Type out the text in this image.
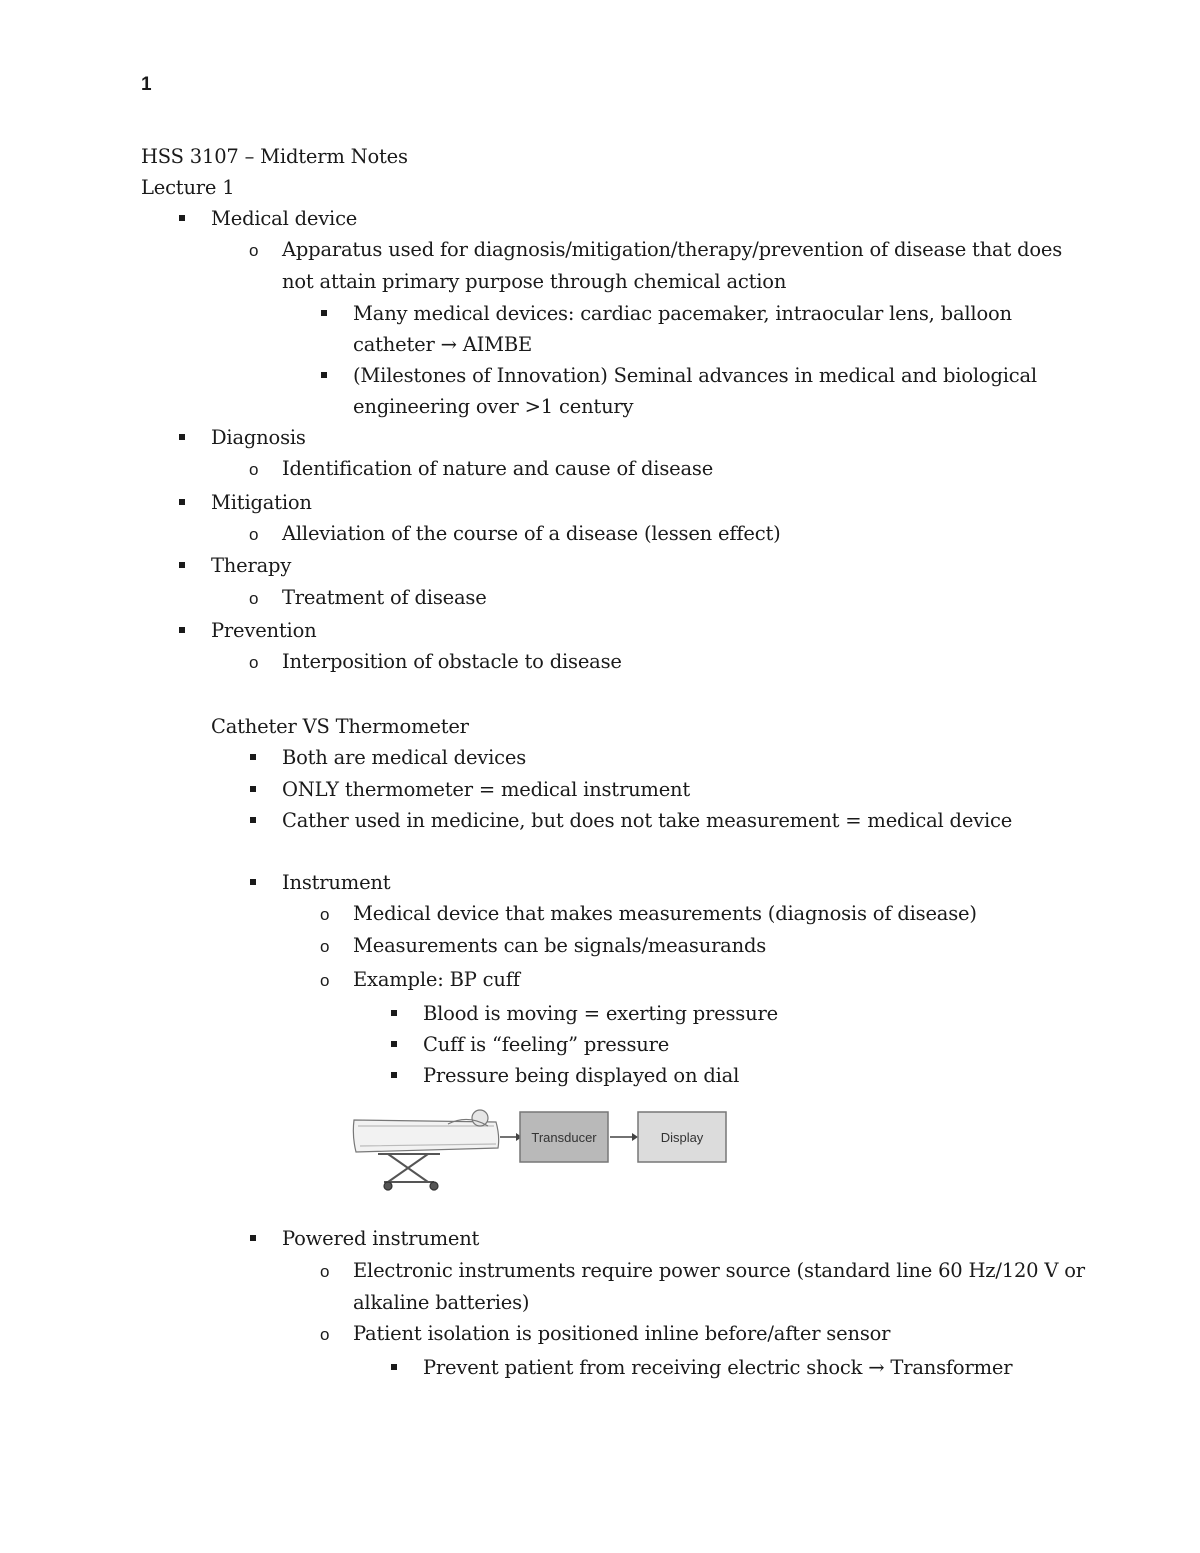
1
HSS 3107 – Midterm Notes
Lecture 1
Medical device
Apparatus used for diagnosis/mitigation/therapy/prevention of disease that does
o
not attain primary purpose through chemical action
Many medical devices: cardiac pacemaker, intraocular lens, balloon
catheter → AIMBE
(Milestones of Innovation) Seminal advances in medical and biological
engineering over >1 century
Diagnosis
Identification of nature and cause of disease
o
Mitigation
Alleviation of the course of a disease (lessen effect)
o
Therapy
Treatment of disease
o
Prevention
Interposition of obstacle to disease
o
Catheter VS Thermometer
Both are medical devices
ONLY thermometer = medical instrument
Cather used in medicine, but does not take measurement = medical device
Instrument
Medical device that makes measurements (diagnosis of disease)
o
Measurements can be signals/measurands
o
Example: BP cuff
o
Blood is moving = exerting pressure
Cuff is “feeling” pressure
Pressure being displayed on dial
Powered instrument
Electronic instruments require power source (standard line 60 Hz/120 V or
o
alkaline batteries)
Patient isolation is positioned inline before/after sensor
o
Prevent patient from receiving electric shock → Transformer
Transducer	Display
